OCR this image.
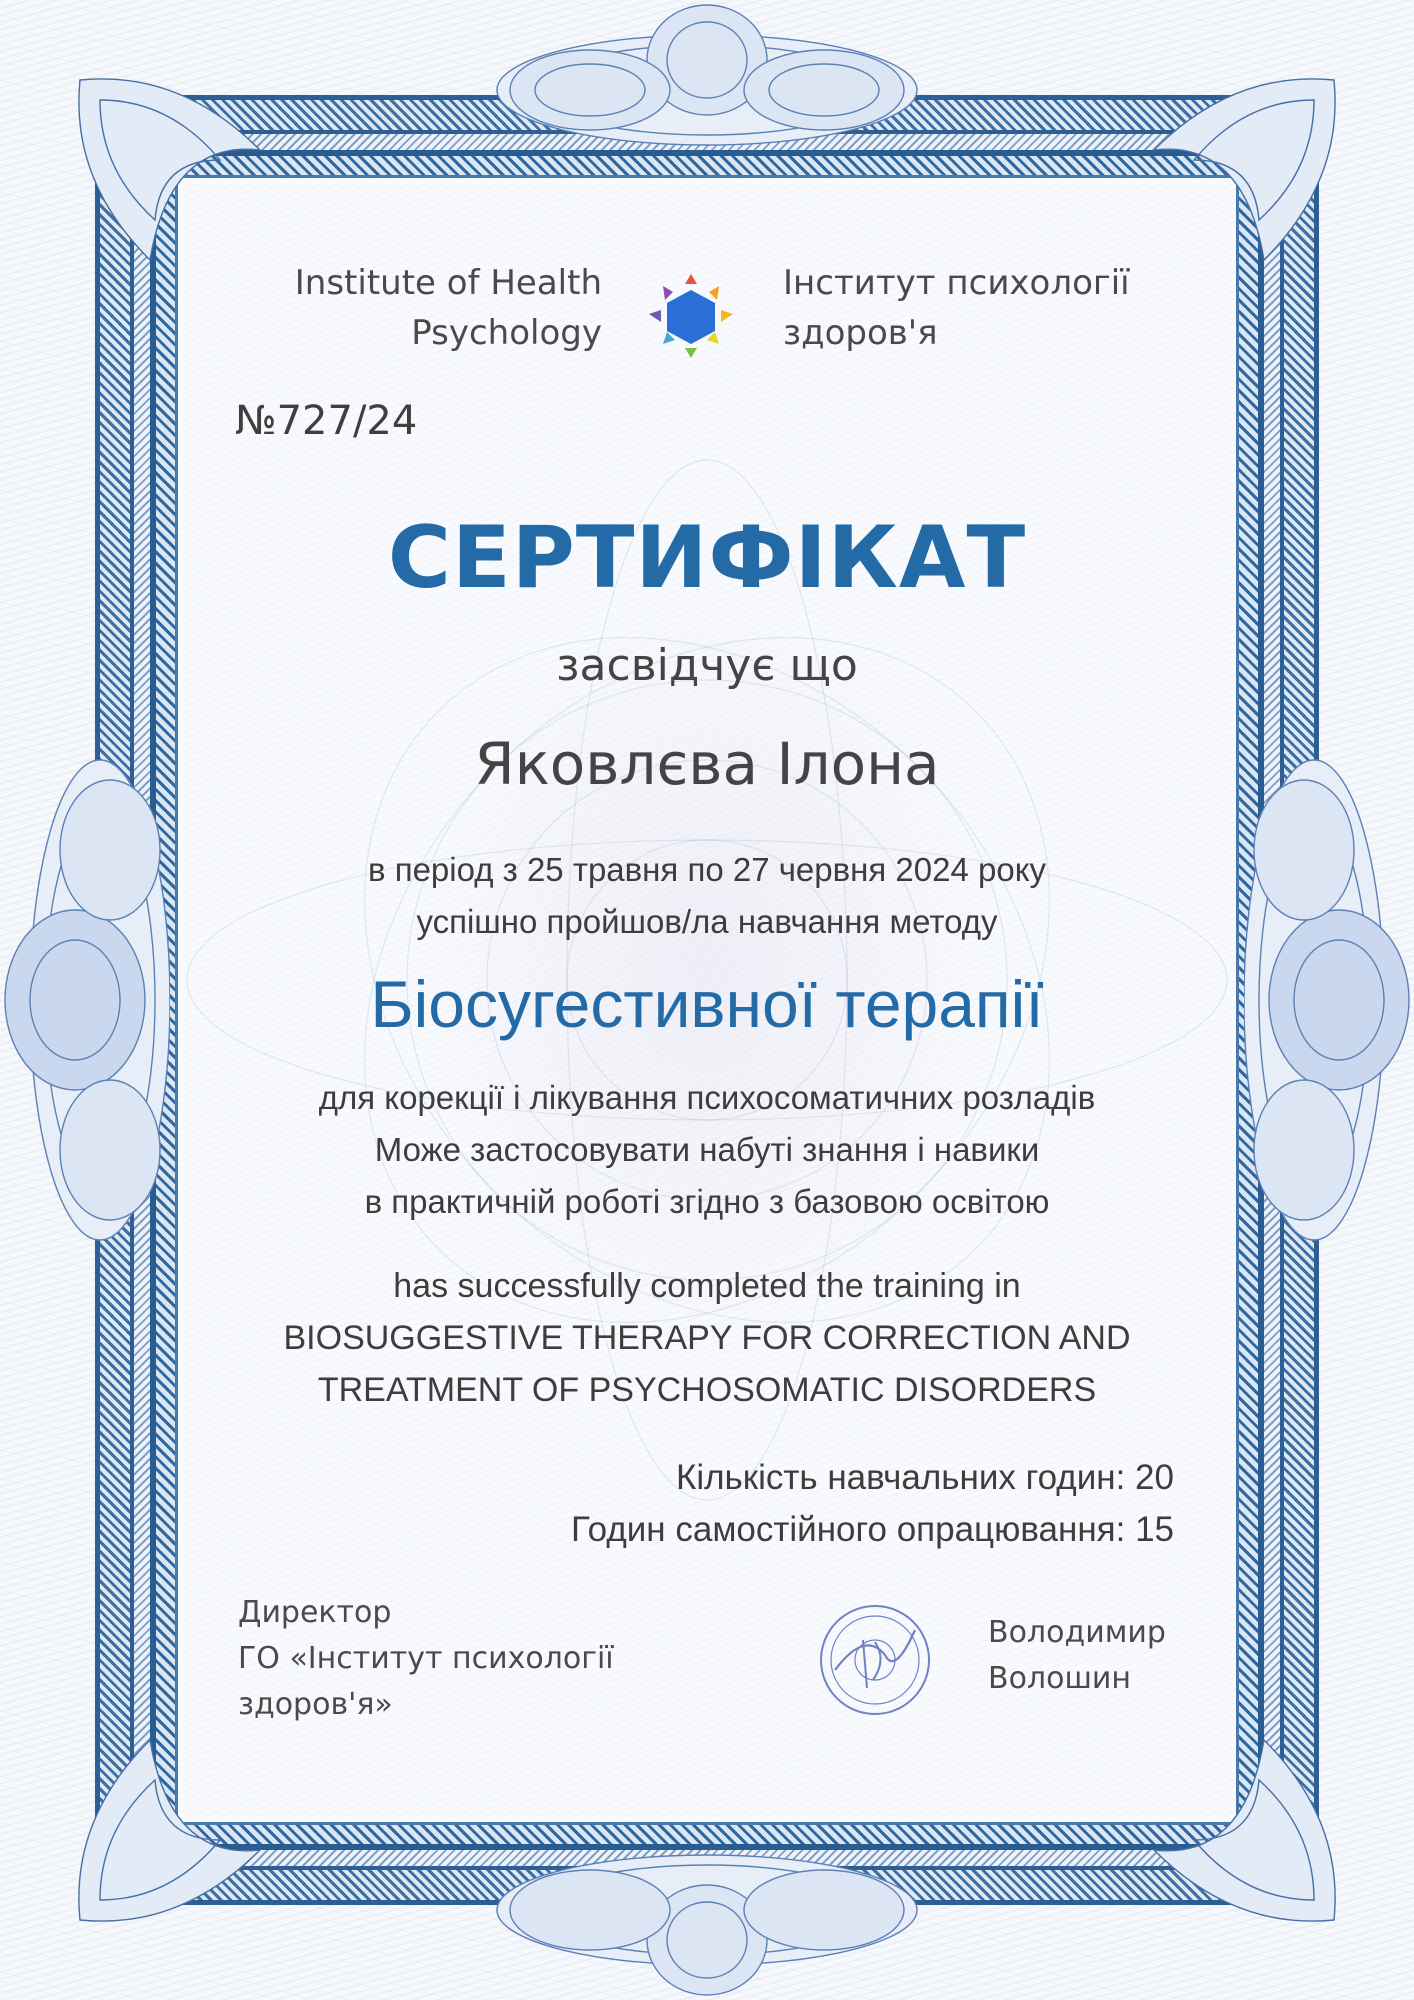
Institute of Health
Psychology
Інститут психології
здоров'я
№727/24
СЕРТИФІКАТ
засвідчує що
Яковлєва Ілона
в період з 25 травня по 27 червня 2024 року
успішно пройшов/ла навчання методу
Біосугестивної терапії
для корекції і лікування психосоматичних розладів
Може застосовувати набуті знання і навики
в практичній роботі згідно з базовою освітою
has successfully completed the training in
BIOSUGGESTIVE THERAPY FOR CORRECTION AND
TREATMENT OF PSYCHOSOMATIC DISORDERS
Кількість навчальних годин: 20
Годин самостійного опрацювання: 15
Директор
ГО «Інститут психології
здоров'я»
Володимир
Волошин
